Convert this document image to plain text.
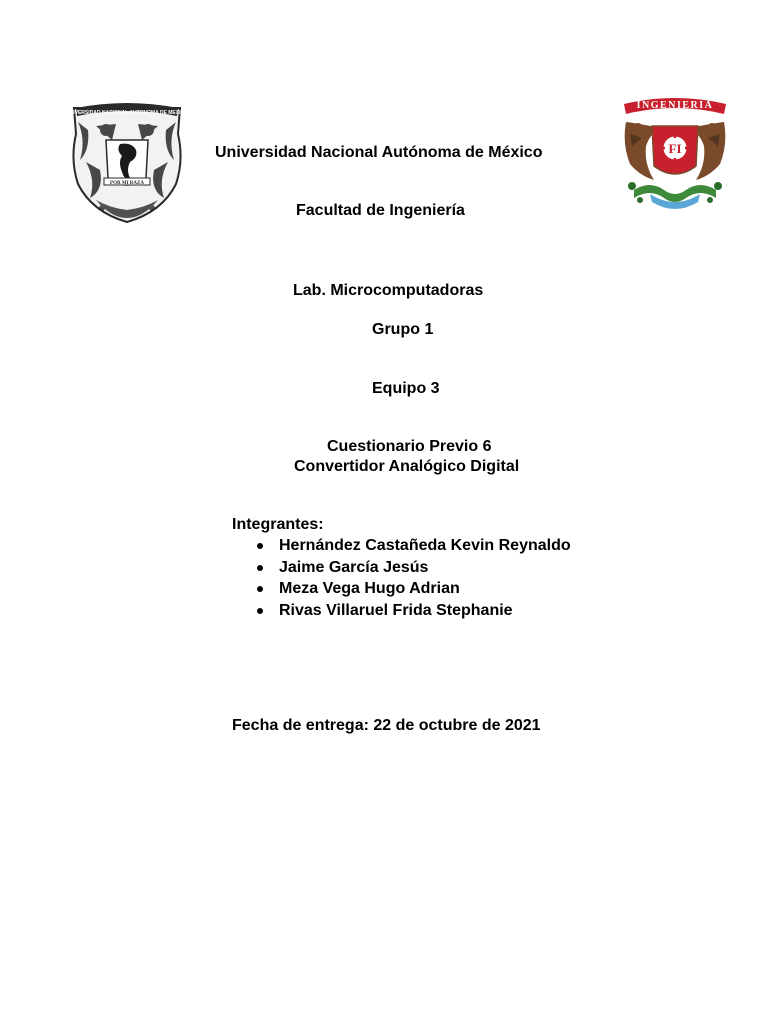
UNIVERSIDAD NACIONAL AUTONOMA DE MEXICO
POR MI RAZA
INGENIERIA
FI
Universidad Nacional Autónoma de México
Facultad de Ingeniería
Lab. Microcomputadoras
Grupo 1
Equipo 3
Cuestionario Previo 6
Convertidor Analógico Digital
Integrantes:
Hernández Castañeda Kevin Reynaldo
Jaime García Jesús
Meza Vega Hugo Adrian
Rivas Villaruel Frida Stephanie
Fecha de entrega: 22 de octubre de 2021
